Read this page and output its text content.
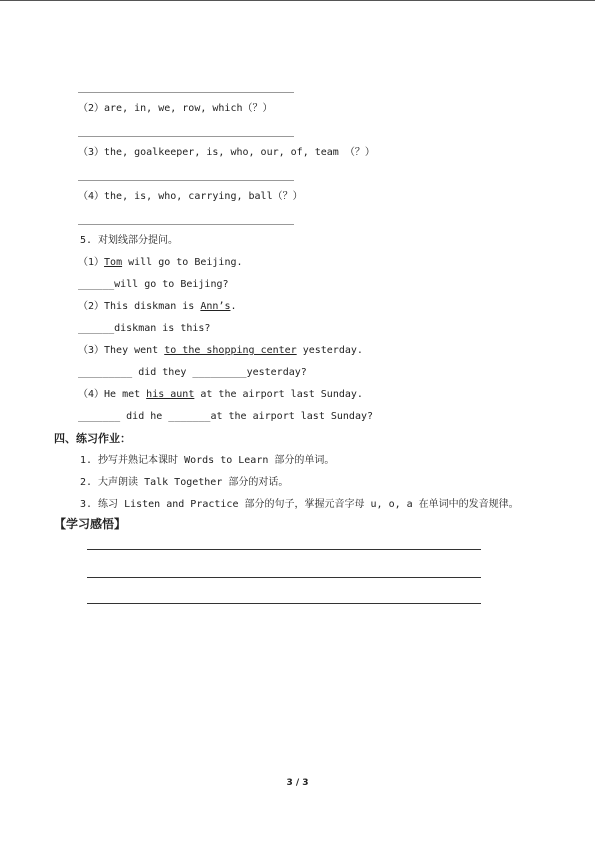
（2）are, in, we, row, which（？）
（3）the, goalkeeper, is, who, our, of, team （？）
（4）the, is, who, carrying, ball（？）
5. 对划线部分提问。
（1）Tom will go to Beijing.
______will go to Beijing?
（2）This diskman is Ann’s.
______diskman is this?
（3）They went to the shopping center yesterday.
_________ did they _________yesterday?
（4）He met his aunt at the airport last Sunday.
_______ did he _______at the airport last Sunday?
四、练习作业：
1. 抄写并熟记本课时 Words to Learn 部分的单词。
2. 大声朗读 Talk Together 部分的对话。
3. 练习 Listen and Practice 部分的句子，掌握元音字母 u, o, a 在单词中的发音规律。
【学习感悟】
3 / 3
